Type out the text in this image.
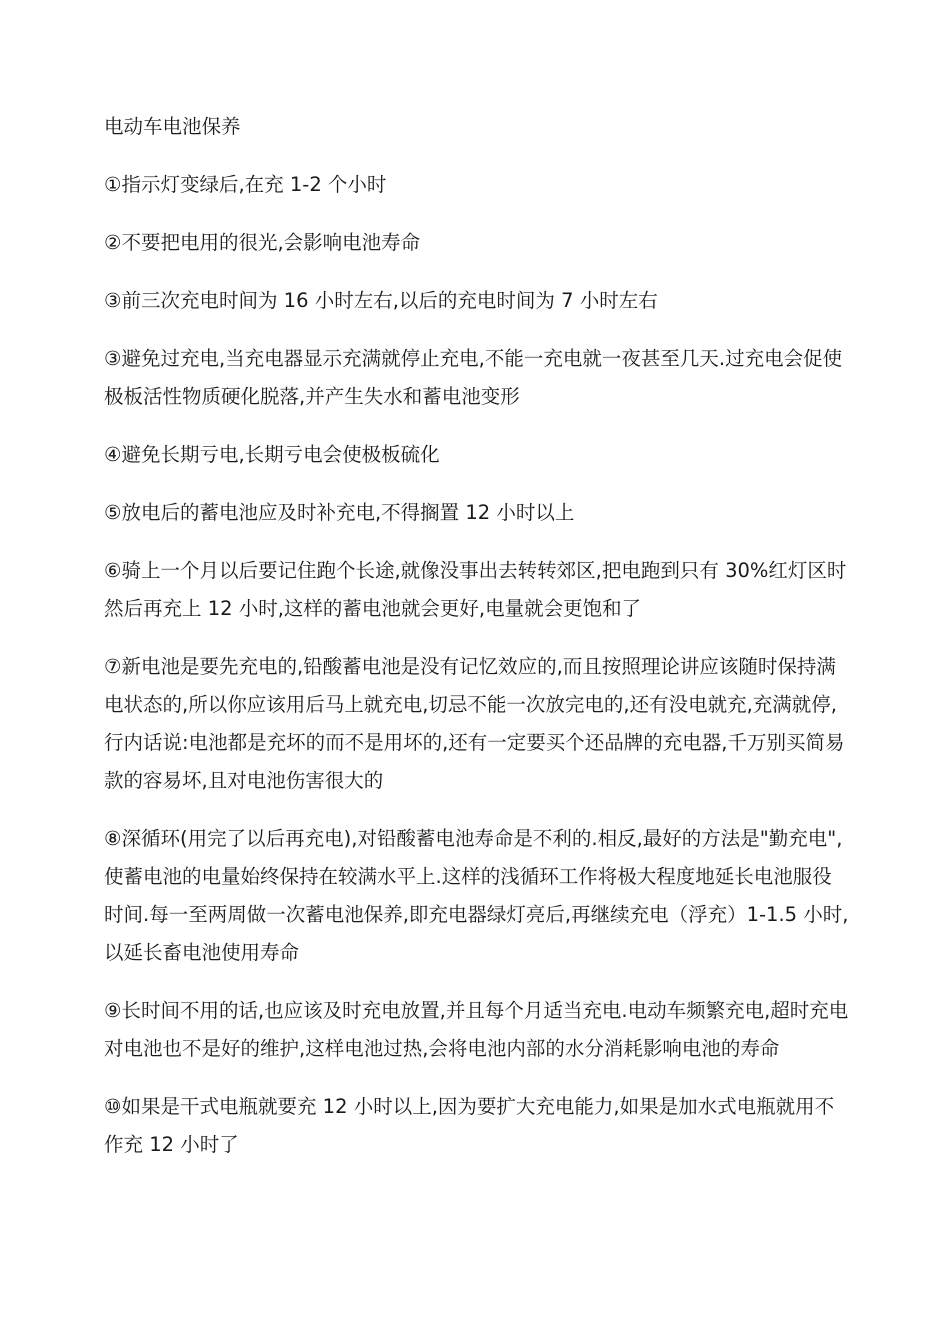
电动车电池保养

①指示灯变绿后,在充 1-2 个小时

②不要把电用的很光,会影响电池寿命

③前三次充电时间为 16 小时左右,以后的充电时间为 7 小时左右

③避免过充电,当充电器显示充满就停止充电,不能一充电就一夜甚至几天.过充电会促使极板活性物质硬化脱落,并产生失水和蓄电池变形

④避免长期亏电,长期亏电会使极板硫化

⑤放电后的蓄电池应及时补充电,不得搁置 12 小时以上

⑥骑上一个月以后要记住跑个长途,就像没事出去转转郊区,把电跑到只有 30%红灯区时然后再充上 12 小时,这样的蓄电池就会更好,电量就会更饱和了

⑦新电池是要先充电的,铅酸蓄电池是没有记忆效应的,而且按照理论讲应该随时保持满电状态的,所以你应该用后马上就充电,切忌不能一次放完电的,还有没电就充,充满就停,行内话说:电池都是充坏的而不是用坏的,还有一定要买个还品牌的充电器,千万别买简易款的容易坏,且对电池伤害很大的

⑧深循环(用完了以后再充电),对铅酸蓄电池寿命是不利的.相反,最好的方法是"勤充电",使蓄电池的电量始终保持在较满水平上.这样的浅循环工作将极大程度地延长电池服役时间.每一至两周做一次蓄电池保养,即充电器绿灯亮后,再继续充电（浮充）1-1.5 小时,以延长畜电池使用寿命

⑨长时间不用的话,也应该及时充电放置,并且每个月适当充电.电动车频繁充电,超时充电对电池也不是好的维护,这样电池过热,会将电池内部的水分消耗影响电池的寿命

⑩如果是干式电瓶就要充 12 小时以上,因为要扩大充电能力,如果是加水式电瓶就用不作充 12 小时了
